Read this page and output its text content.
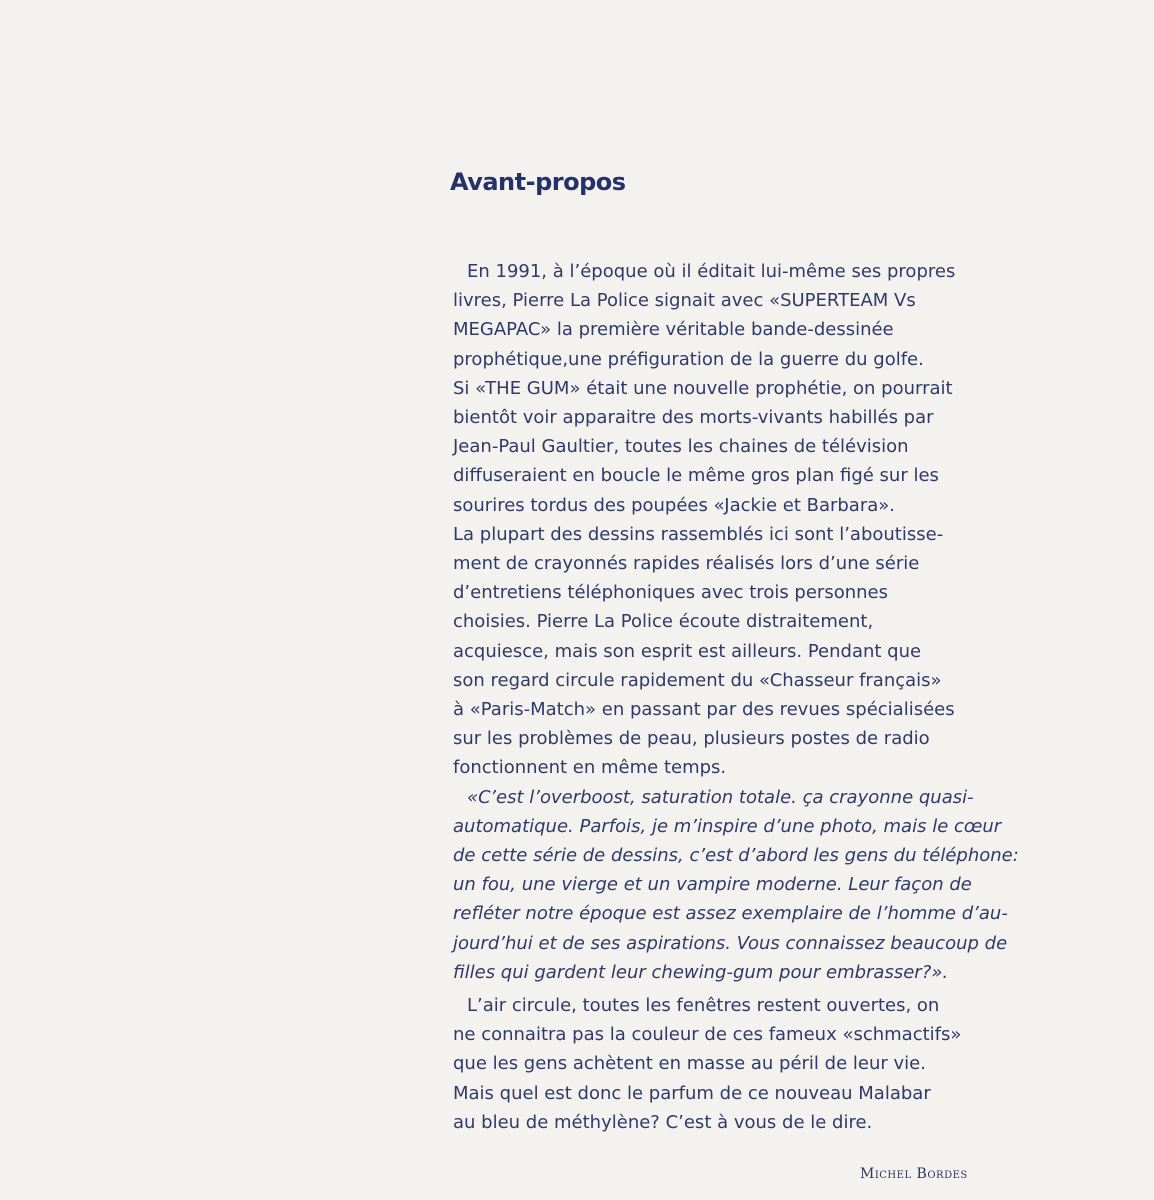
Avant-propos
En 1991, à l’époque où il éditait lui-même ses propres
livres, Pierre La Police signait avec «SUPERTEAM Vs
MEGAPAC» la première véritable bande-dessinée
prophétique,une préfiguration de la guerre du golfe.
Si «THE GUM» était une nouvelle prophétie, on pourrait
bientôt voir apparaitre des morts-vivants habillés par
Jean-Paul Gaultier, toutes les chaines de télévision
diffuseraient en boucle le même gros plan figé sur les
sourires tordus des poupées «Jackie et Barbara».
La plupart des dessins rassemblés ici sont l’aboutisse-
ment de crayonnés rapides réalisés lors d’une série
d’entretiens téléphoniques avec trois personnes
choisies. Pierre La Police écoute distraitement,
acquiesce, mais son esprit est ailleurs. Pendant que
son regard circule rapidement du «Chasseur français»
à «Paris-Match» en passant par des revues spécialisées
sur les problèmes de peau, plusieurs postes de radio
fonctionnent en même temps.
«C’est l’overboost, saturation totale. ça crayonne quasi-
automatique. Parfois, je m’inspire d’une photo, mais le cœur
de cette série de dessins, c’est d’abord les gens du téléphone:
un fou, une vierge et un vampire moderne. Leur façon de
refléter notre époque est assez exemplaire de l’homme d’au-
jourd’hui et de ses aspirations. Vous connaissez beaucoup de
filles qui gardent leur chewing-gum pour embrasser?».
L’air circule, toutes les fenêtres restent ouvertes, on
ne connaitra pas la couleur de ces fameux «schmactifs»
que les gens achètent en masse au péril de leur vie.
Mais quel est donc le parfum de ce nouveau Malabar
au bleu de méthylène? C’est à vous de le dire.
Michel Bordes
